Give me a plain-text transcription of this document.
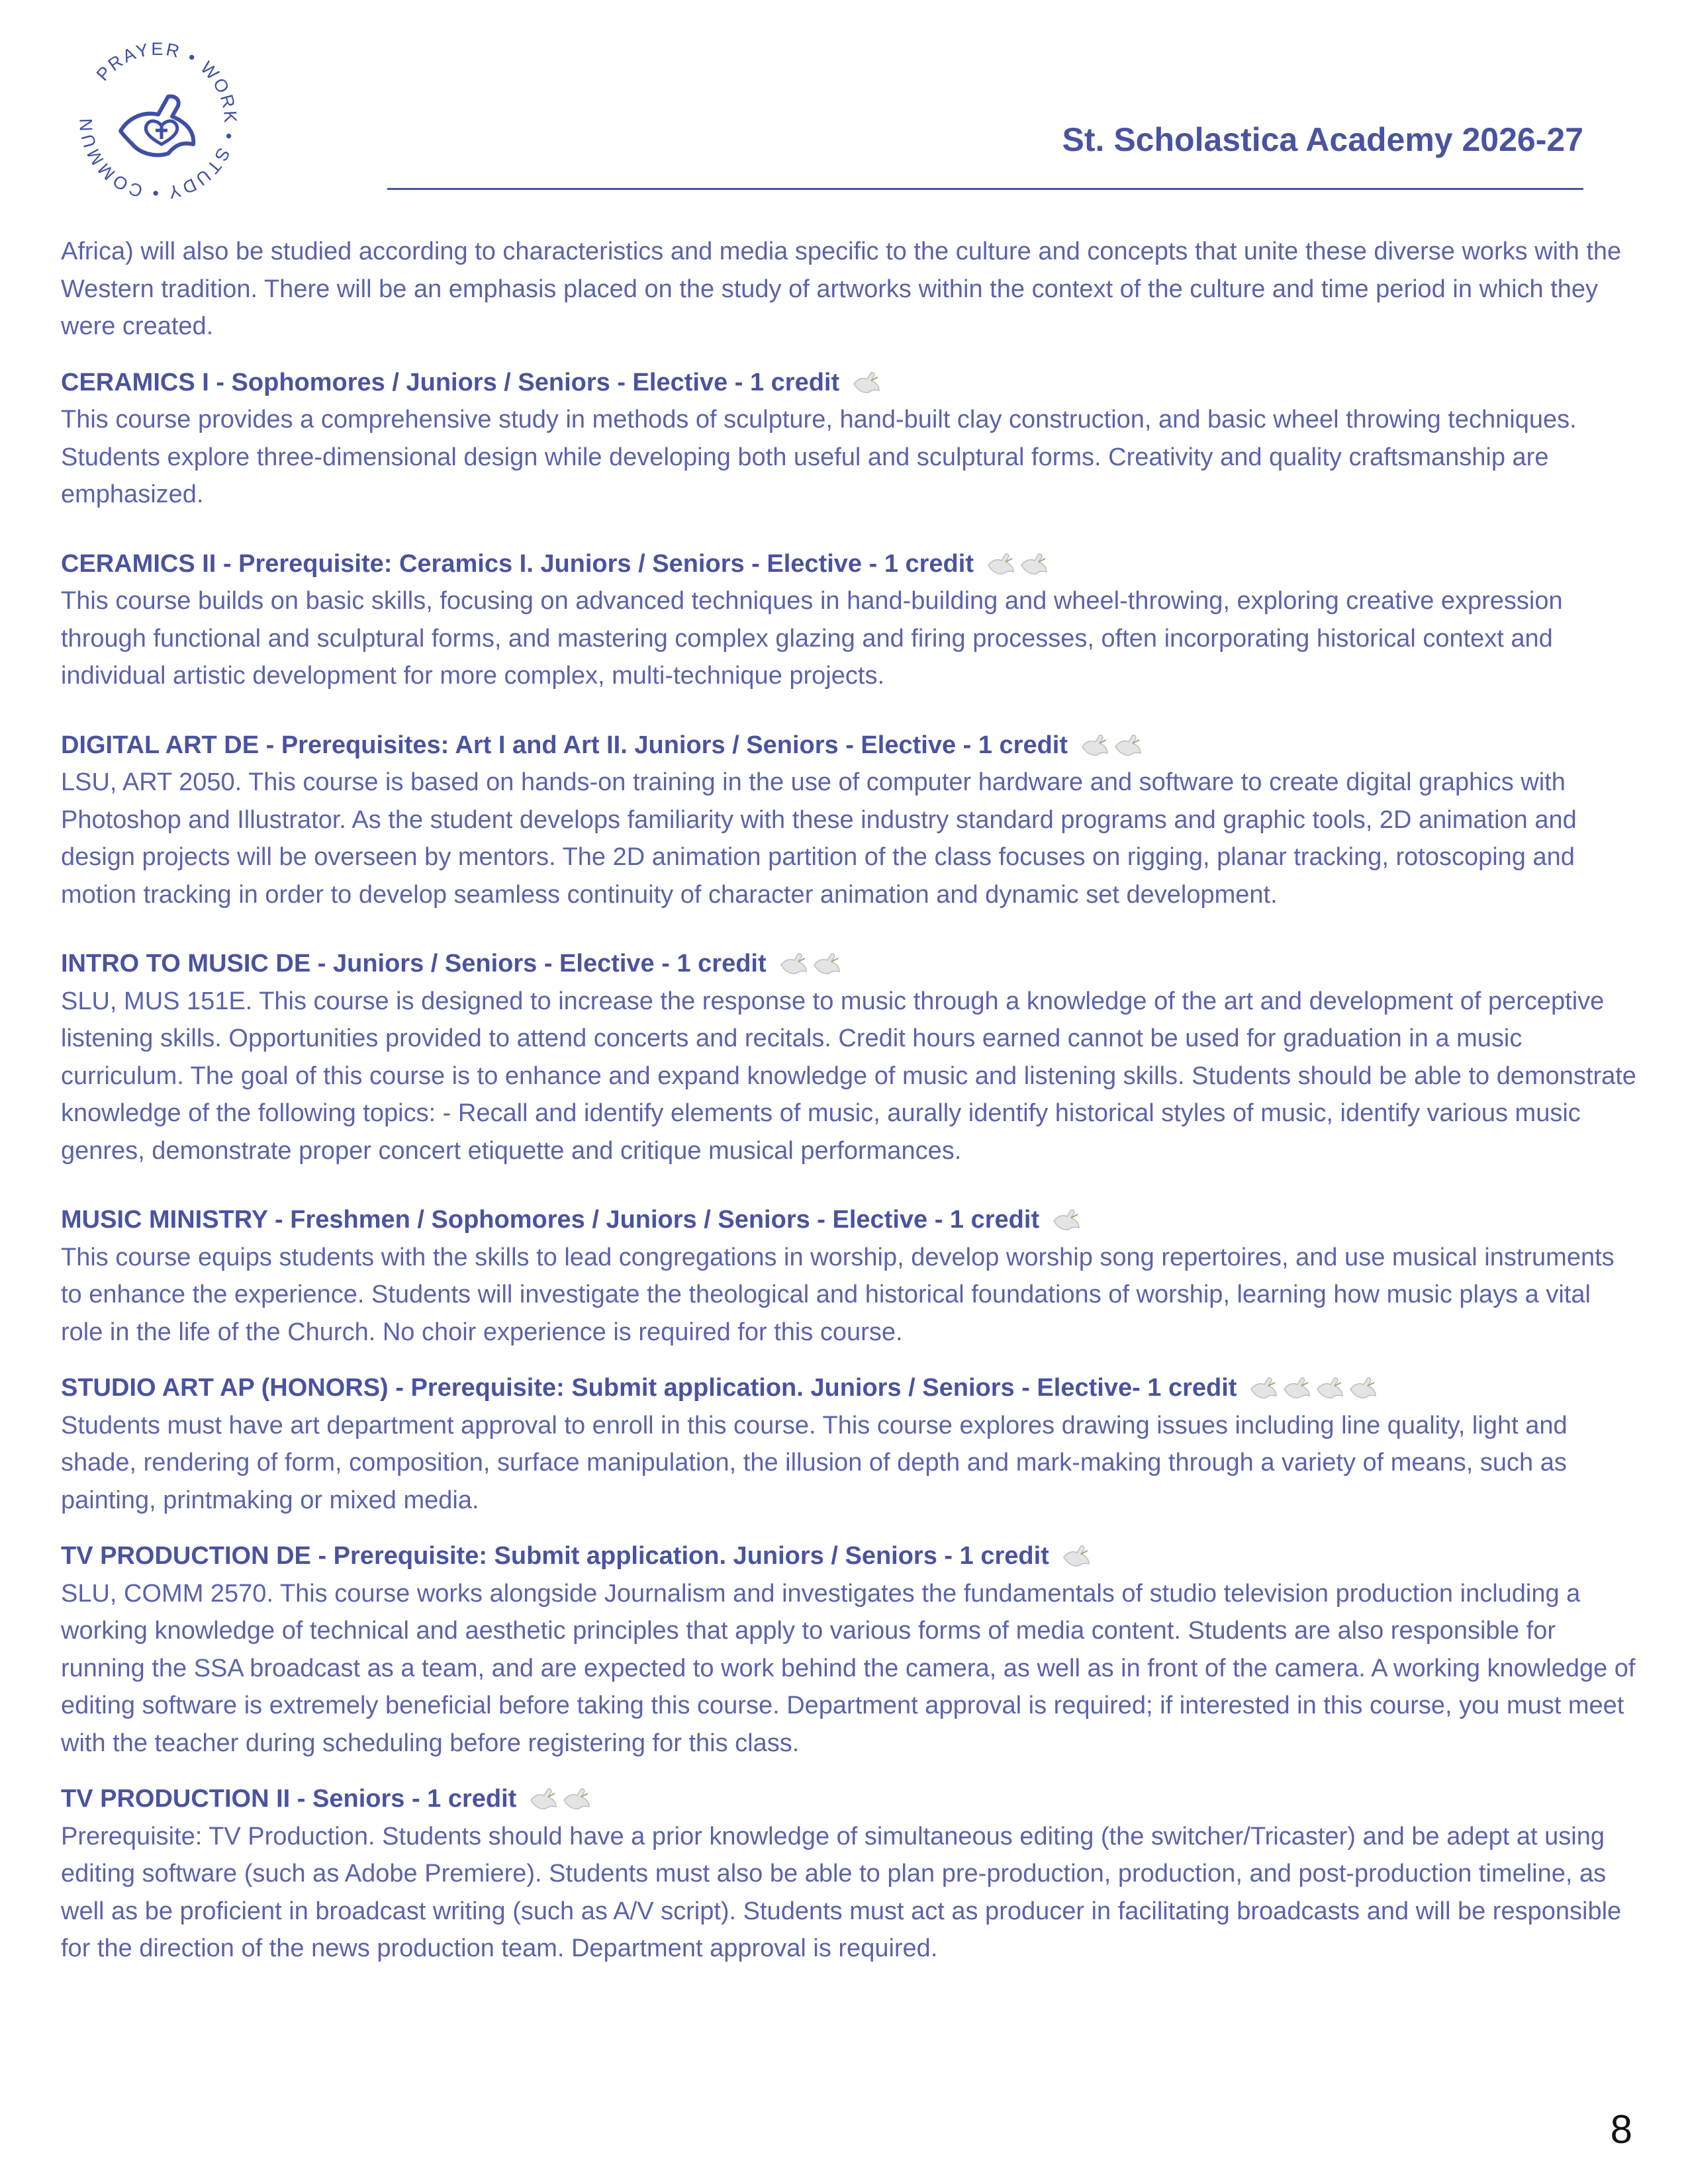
PRAYER • WORK • STUDY • COMMUN	St. Scholastica Academy 2026-27

Africa) will also be studied according to characteristics and media specific to the culture and concepts that unite these diverse works with the Western tradition. There will be an emphasis placed on the study of artworks within the context of the culture and time period in which they were created.

CERAMICS I - Sophomores / Juniors / Seniors - Elective - 1 credit

This course provides a comprehensive study in methods of sculpture, hand-built clay construction, and basic wheel throwing techniques. Students explore three-dimensional design while developing both useful and sculptural forms. Creativity and quality craftsmanship are emphasized.

CERAMICS II - Prerequisite: Ceramics I. Juniors / Seniors - Elective - 1 credit

This course builds on basic skills, focusing on advanced techniques in hand-building and wheel-throwing, exploring creative expression through functional and sculptural forms, and mastering complex glazing and firing processes, often incorporating historical context and individual artistic development for more complex, multi-technique projects.

DIGITAL ART DE - Prerequisites: Art I and Art II. Juniors / Seniors - Elective - 1 credit

LSU, ART 2050. This course is based on hands-on training in the use of computer hardware and software to create digital graphics with Photoshop and Illustrator. As the student develops familiarity with these industry standard programs and graphic tools, 2D animation and design projects will be overseen by mentors. The 2D animation partition of the class focuses on rigging, planar tracking, rotoscoping and motion tracking in order to develop seamless continuity of character animation and dynamic set development.

INTRO TO MUSIC DE - Juniors / Seniors - Elective - 1 credit

SLU, MUS 151E. This course is designed to increase the response to music through a knowledge of the art and development of perceptive listening skills. Opportunities provided to attend concerts and recitals. Credit hours earned cannot be used for graduation in a music curriculum. The goal of this course is to enhance and expand knowledge of music and listening skills. Students should be able to demonstrate knowledge of the following topics: - Recall and identify elements of music, aurally identify historical styles of music, identify various music genres, demonstrate proper concert etiquette and critique musical performances.

MUSIC MINISTRY - Freshmen / Sophomores / Juniors / Seniors - Elective - 1 credit

This course equips students with the skills to lead congregations in worship, develop worship song repertoires, and use musical instruments to enhance the experience. Students will investigate the theological and historical foundations of worship, learning how music plays a vital role in the life of the Church. No choir experience is required for this course.

STUDIO ART AP (HONORS) - Prerequisite: Submit application. Juniors / Seniors - Elective- 1 credit

Students must have art department approval to enroll in this course. This course explores drawing issues including line quality, light and shade, rendering of form, composition, surface manipulation, the illusion of depth and mark-making through a variety of means, such as painting, printmaking or mixed media.

TV PRODUCTION DE - Prerequisite: Submit application. Juniors / Seniors - 1 credit

SLU, COMM 2570. This course works alongside Journalism and investigates the fundamentals of studio television production including a working knowledge of technical and aesthetic principles that apply to various forms of media content. Students are also responsible for running the SSA broadcast as a team, and are expected to work behind the camera, as well as in front of the camera. A working knowledge of editing software is extremely beneficial before taking this course. Department approval is required; if interested in this course, you must meet with the teacher during scheduling before registering for this class.

TV PRODUCTION II - Seniors - 1 credit

Prerequisite: TV Production. Students should have a prior knowledge of simultaneous editing (the switcher/Tricaster) and be adept at using editing software (such as Adobe Premiere). Students must also be able to plan pre-production, production, and post-production timeline, as well as be proficient in broadcast writing (such as A/V script). Students must act as producer in facilitating broadcasts and will be responsible for the direction of the news production team. Department approval is required.

8
